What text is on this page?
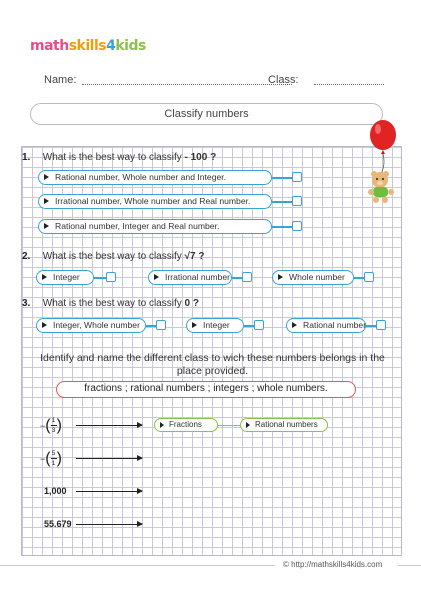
mathskills4kids
Name:	Class:
Classify numbers
1. What is the best way to classify - 100 ?
Rational number, Whole number and Integer.
Irrational number, Whole number and Real number.
Rational number, Integer and Real number.
2. What is the best way to classify √7 ?
Integer	Irrational number	Whole number
3. What is the best way to classify 0 ?
Integer, Whole number	Integer	Rational number
Identify and name the different class to wich these numbers belongs in the place provided.
fractions ; rational numbers ; integers ; whole numbers.
− ( 1
3 )	Fractions	Rational numbers
− ( 5
1 )
1,000
55.679
© http://mathskills4kids.com
